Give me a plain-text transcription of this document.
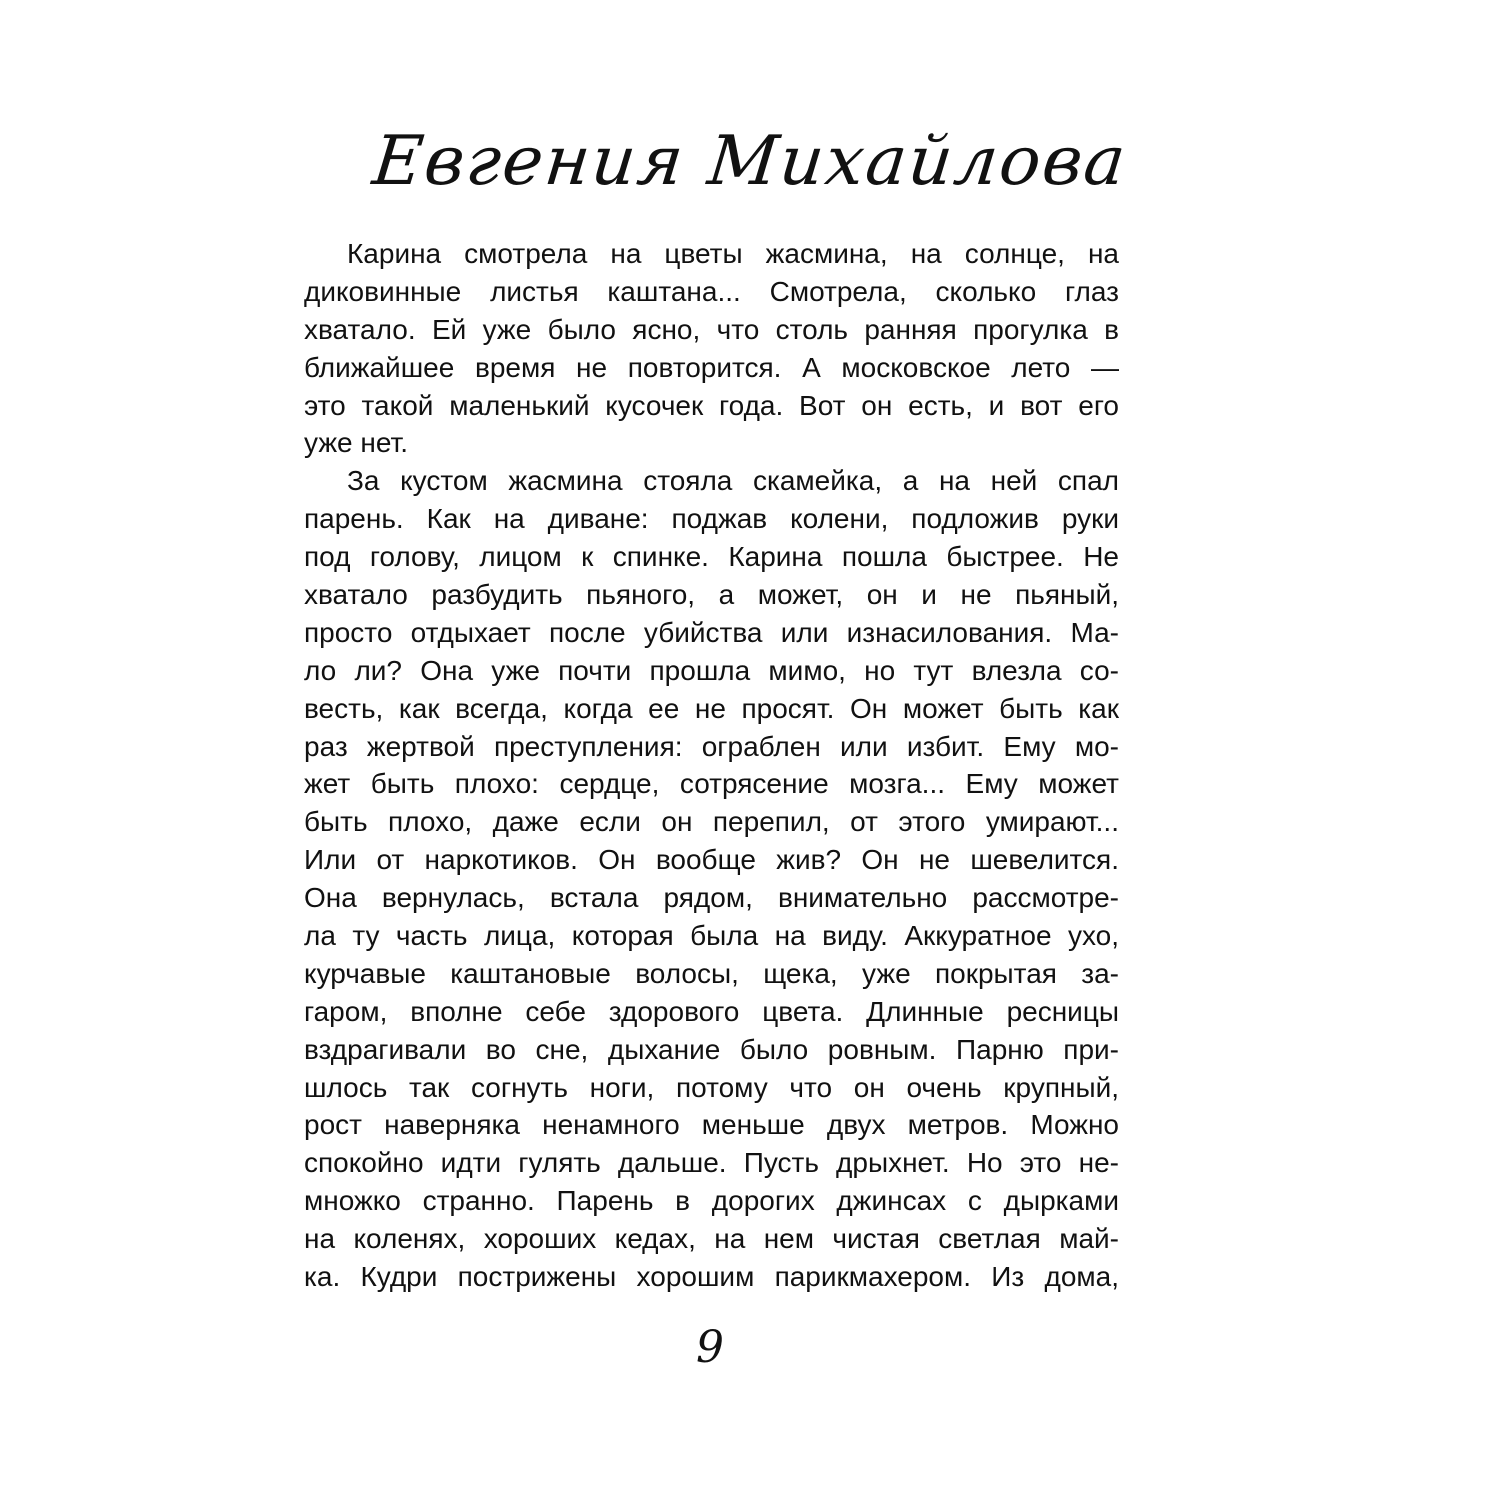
Евгения Михайлова
Карина смотрела на цветы жасмина, на солнце, на
диковинные листья каштана... Смотрела, сколько глаз
хватало. Ей уже было ясно, что столь ранняя прогулка в
ближайшее время не повторится. А московское лето —
это такой маленький кусочек года. Вот он есть, и вот его
уже нет.
За кустом жасмина стояла скамейка, а на ней спал
парень. Как на диване: поджав колени, подложив руки
под голову, лицом к спинке. Карина пошла быстрее. Не
хватало разбудить пьяного, а может, он и не пьяный,
просто отдыхает после убийства или изнасилования. Ма-
ло ли? Она уже почти прошла мимо, но тут влезла со-
весть, как всегда, когда ее не просят. Он может быть как
раз жертвой преступления: ограблен или избит. Ему мо-
жет быть плохо: сердце, сотрясение мозга... Ему может
быть плохо, даже если он перепил, от этого умирают...
Или от наркотиков. Он вообще жив? Он не шевелится.
Она вернулась, встала рядом, внимательно рассмотре-
ла ту часть лица, которая была на виду. Аккуратное ухо,
курчавые каштановые волосы, щека, уже покрытая за-
гаром, вполне себе здорового цвета. Длинные ресницы
вздрагивали во сне, дыхание было ровным. Парню при-
шлось так согнуть ноги, потому что он очень крупный,
рост наверняка ненамного меньше двух метров. Можно
спокойно идти гулять дальше. Пусть дрыхнет. Но это не-
множко странно. Парень в дорогих джинсах с дырками
на коленях, хороших кедах, на нем чистая светлая май-
ка. Кудри пострижены хорошим парикмахером. Из дома,
9
